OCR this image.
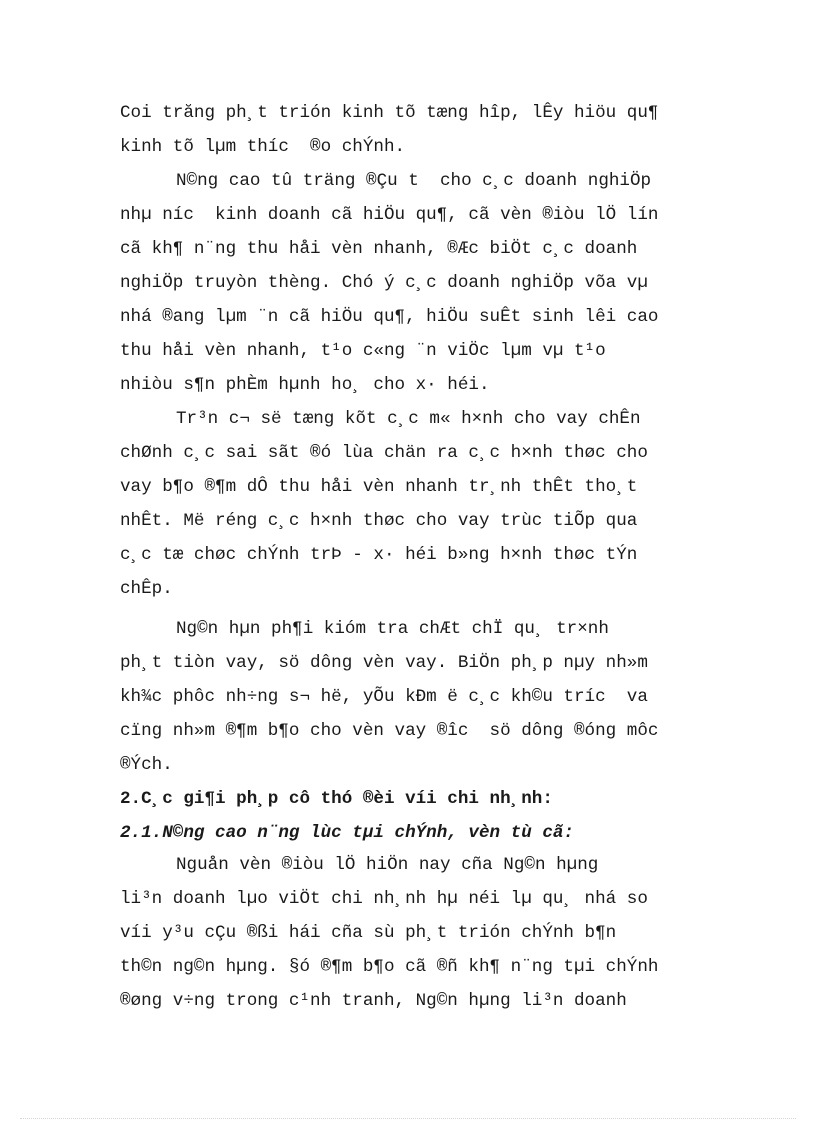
Coi trăng ph¸t trión kinh tõ tæng hîp, lÊy hiöu qu¶
kinh tõ lµm thíc  ®o chÝnh.
N©ng cao tû träng ®Çu t  cho c¸c doanh nghiÖp
nhµ níc  kinh doanh cã hiÖu qu¶, cã vèn ®iòu lÖ lín
cã kh¶ n¨ng thu håi vèn nhanh, ®Æc biÖt c¸c doanh
nghiÖp truyòn thèng. Chó ý c¸c doanh nghiÖp võa vµ
nhá ®ang lµm ¨n cã hiÖu qu¶, hiÖu suÊt sinh lêi cao
thu håi vèn nhanh, t¹o c«ng ¨n viÖc lµm vµ t¹o
nhiòu s¶n phÈm hµnh ho¸ cho x· héi.
Tr³n c¬ së tæng kõt c¸c m« h×nh cho vay chÊn
chØnh c¸c sai sãt ®ó lùa chän ra c¸c h×nh thøc cho
vay b¶o ®¶m dÔ thu håi vèn nhanh tr¸nh thÊt tho¸t
nhÊt. Më réng c¸c h×nh thøc cho vay trùc tiÕp qua
c¸c tæ chøc chÝnh trÞ - x· héi b»ng h×nh thøc tÝn
chÊp.
Ng©n hµn ph¶i kióm tra chÆt chÏ qu¸ tr×nh
ph¸t tiòn vay, sö dông vèn vay. BiÖn ph¸p nµy nh»m
kh¾c phôc nh÷ng s¬ hë, yÕu kÐm ë c¸c kh©u tríc  va
cïng nh»m ®¶m b¶o cho vèn vay ®îc  sö dông ®óng môc
®Ých.
2.C¸c gi¶i ph¸p cô thó ®èi víi chi nh¸nh:
2.1.N©ng cao n¨ng lùc tµi chÝnh, vèn tù cã:
Nguån vèn ®iòu lÖ hiÖn nay cña Ng©n hµng
li³n doanh lµo viÖt chi nh¸nh hµ néi lµ qu¸ nhá so
víi y³u cÇu ®ßi hái cña sù ph¸t trión chÝnh b¶n
th©n ng©n hµng. §ó ®¶m b¶o cã ®ñ kh¶ n¨ng tµi chÝnh
®øng v÷ng trong c¹nh tranh, Ng©n hµng li³n doanh
